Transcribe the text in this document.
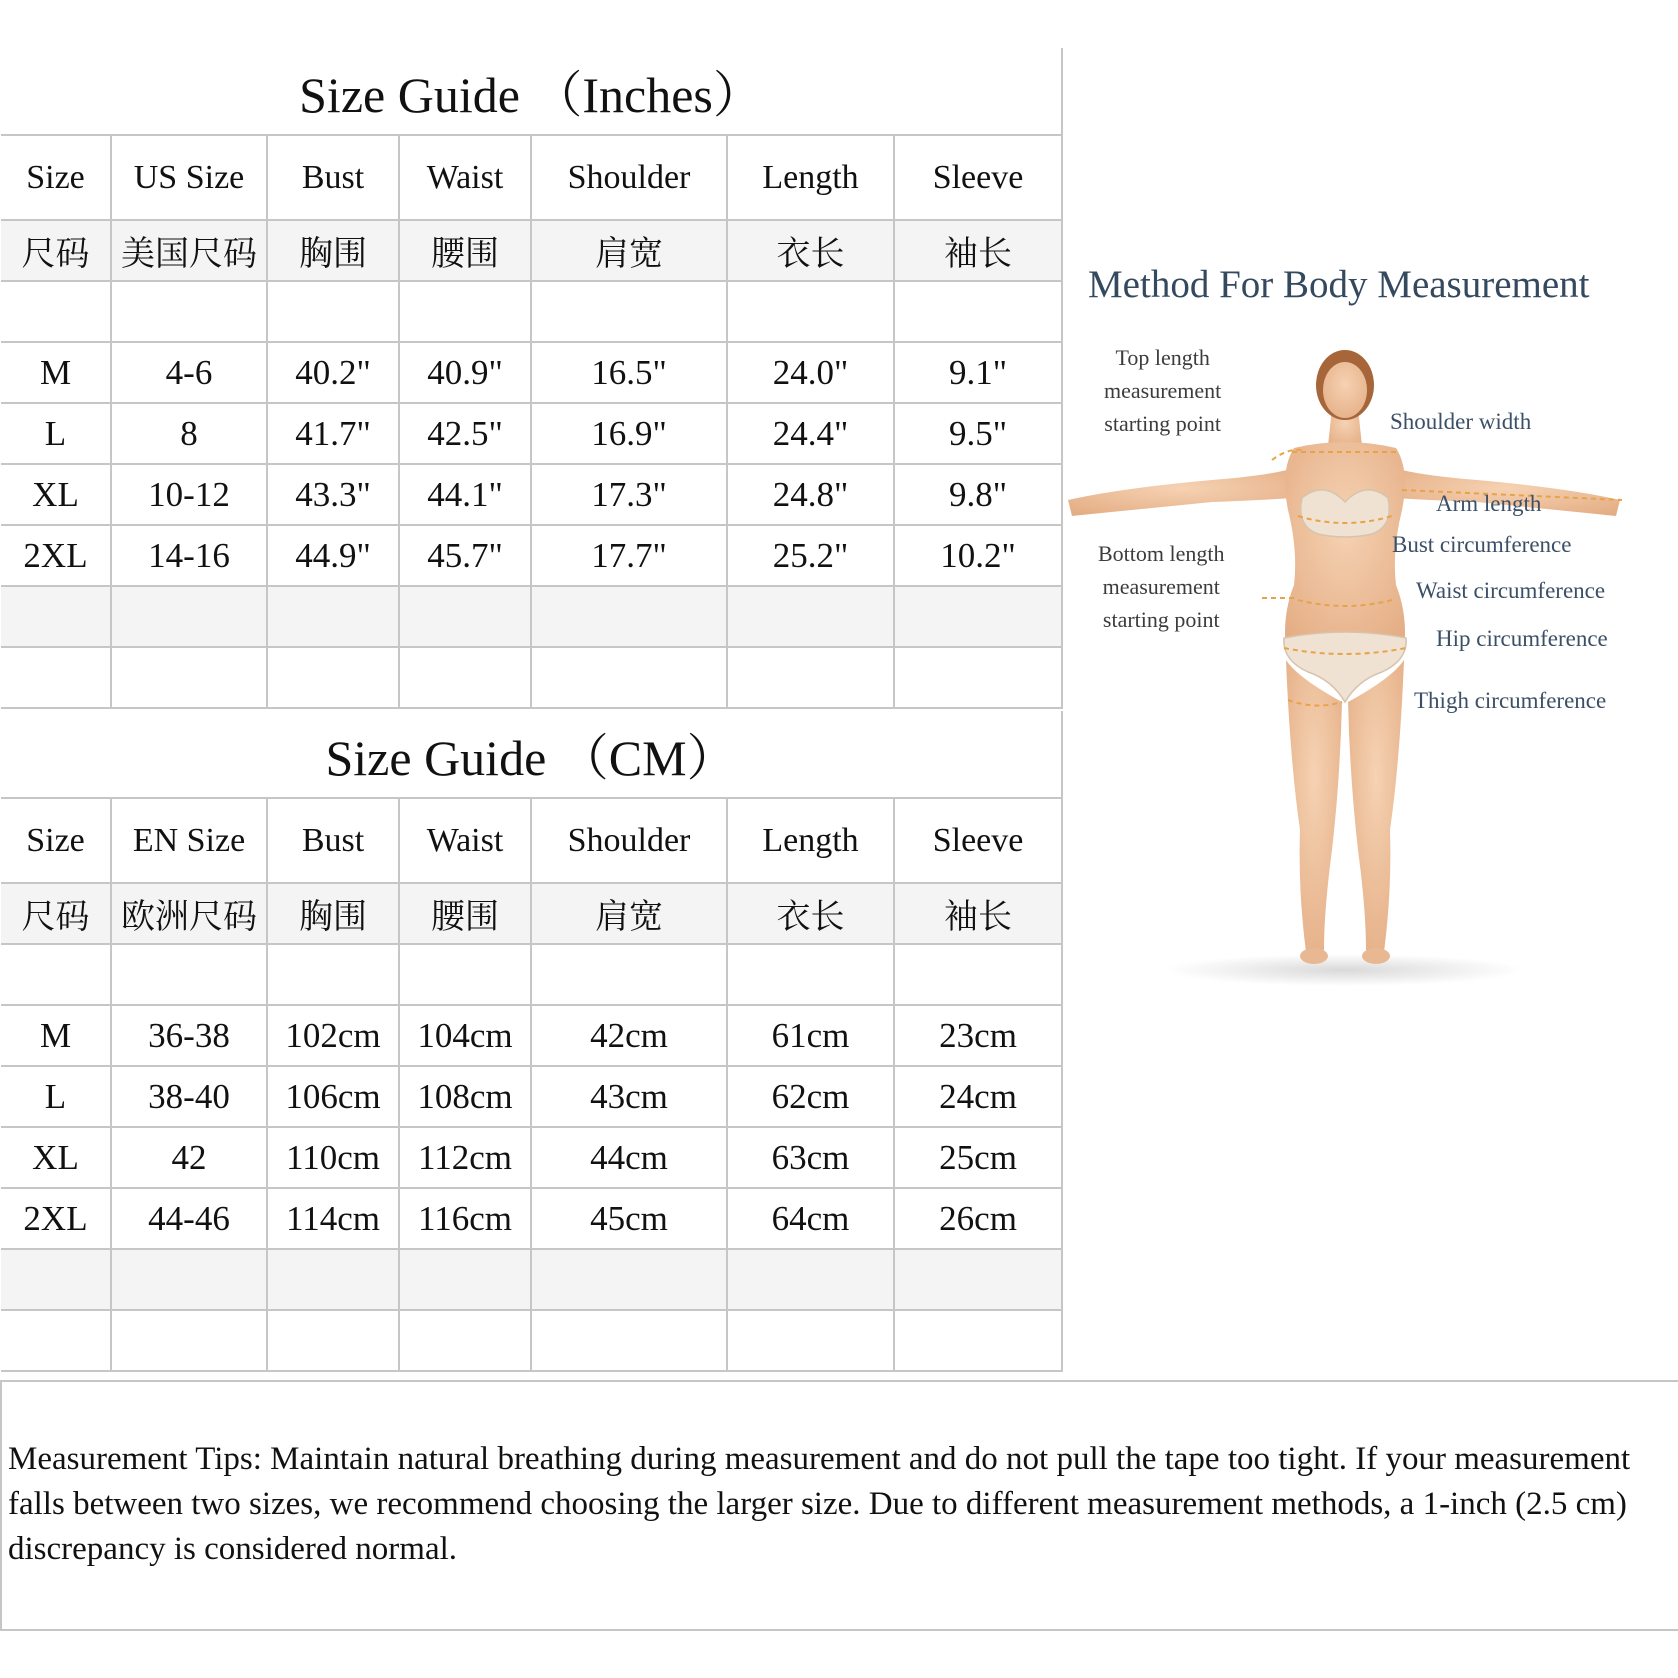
Size Guide （Inches）						
Size	US Size	Bust	Waist	Shoulder	Length	Sleeve
尺码	美国尺码	胸围	腰围	肩宽	衣长	袖长

M	4-6	40.2"	40.9"	16.5"	24.0"	9.1"
L	8	41.7"	42.5"	16.9"	24.4"	9.5"
XL	10-12	43.3"	44.1"	17.3"	24.8"	9.8"
2XL	14-16	44.9"	45.7"	17.7"	25.2"	10.2"

Size Guide （CM）						
Size	EN Size	Bust	Waist	Shoulder	Length	Sleeve
尺码	欧洲尺码	胸围	腰围	肩宽	衣长	袖长

M	36-38	102cm	104cm	42cm	61cm	23cm
L	38-40	106cm	108cm	43cm	62cm	24cm
XL	42	110cm	112cm	44cm	63cm	25cm
2XL	44-46	114cm	116cm	45cm	64cm	26cm

Method For Body Measurement
Top length
measurement
starting point
Bottom length
measurement
starting point
Shoulder width
Arm length
Bust circumference
Waist circumference
Hip circumference
Thigh circumference
Measurement Tips: Maintain natural breathing during measurement and do not pull the tape too tight. If your measurement falls between two sizes, we recommend choosing the larger size. Due to different measurement methods, a 1-inch (2.5 cm) discrepancy is considered normal.
